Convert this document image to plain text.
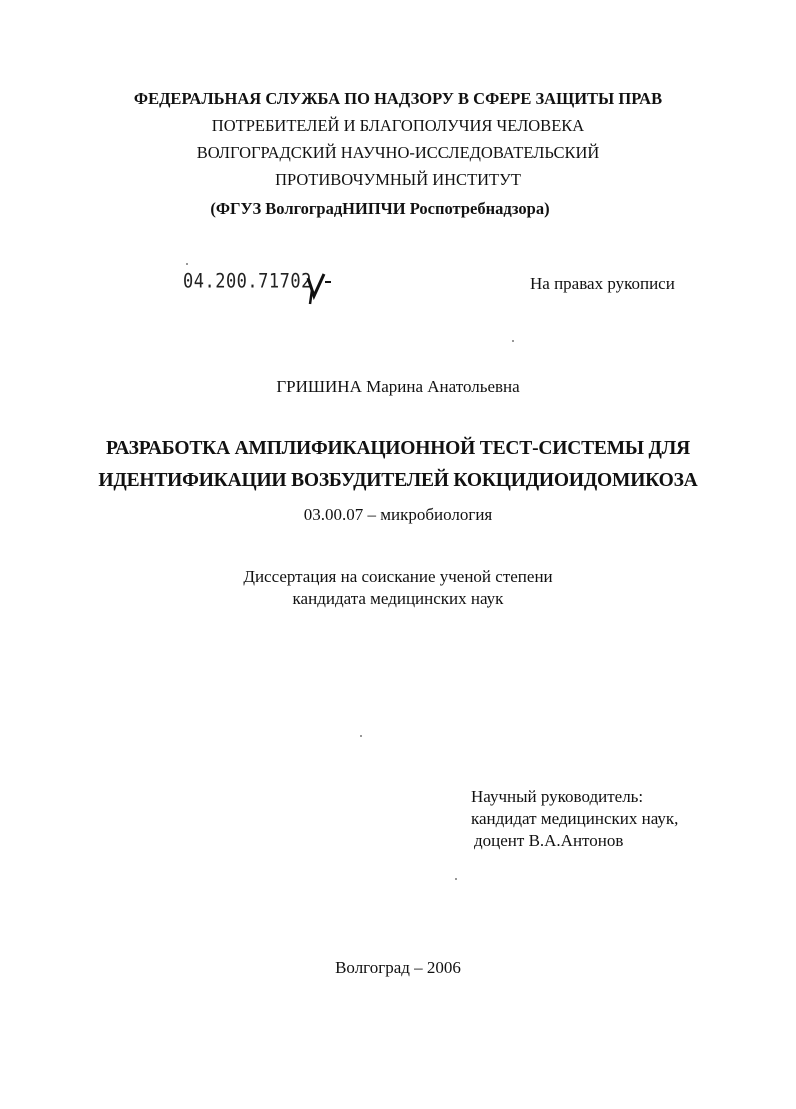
ФЕДЕРАЛЬНАЯ СЛУЖБА ПО НАДЗОРУ В СФЕРЕ ЗАЩИТЫ ПРАВ
ПОТРЕБИТЕЛЕЙ И БЛАГОПОЛУЧИЯ ЧЕЛОВЕКА
ВОЛГОГРАДСКИЙ НАУЧНО-ИССЛЕДОВАТЕЛЬСКИЙ
ПРОТИВОЧУМНЫЙ ИНСТИТУТ
(ФГУЗ ВолгоградНИПЧИ Роспотребнадзора)
04.200.71702	На правах рукописи
ГРИШИНА Марина Анатольевна
РАЗРАБОТКА АМПЛИФИКАЦИОННОЙ ТЕСТ-СИСТЕМЫ ДЛЯ
ИДЕНТИФИКАЦИИ ВОЗБУДИТЕЛЕЙ КОКЦИДИОИДОМИКОЗА
03.00.07 – микробиология
Диссертация на соискание ученой степени
кандидата медицинских наук
Научный руководитель:
кандидат медицинских наук,
доцент В.А.Антонов
Волгоград – 2006
